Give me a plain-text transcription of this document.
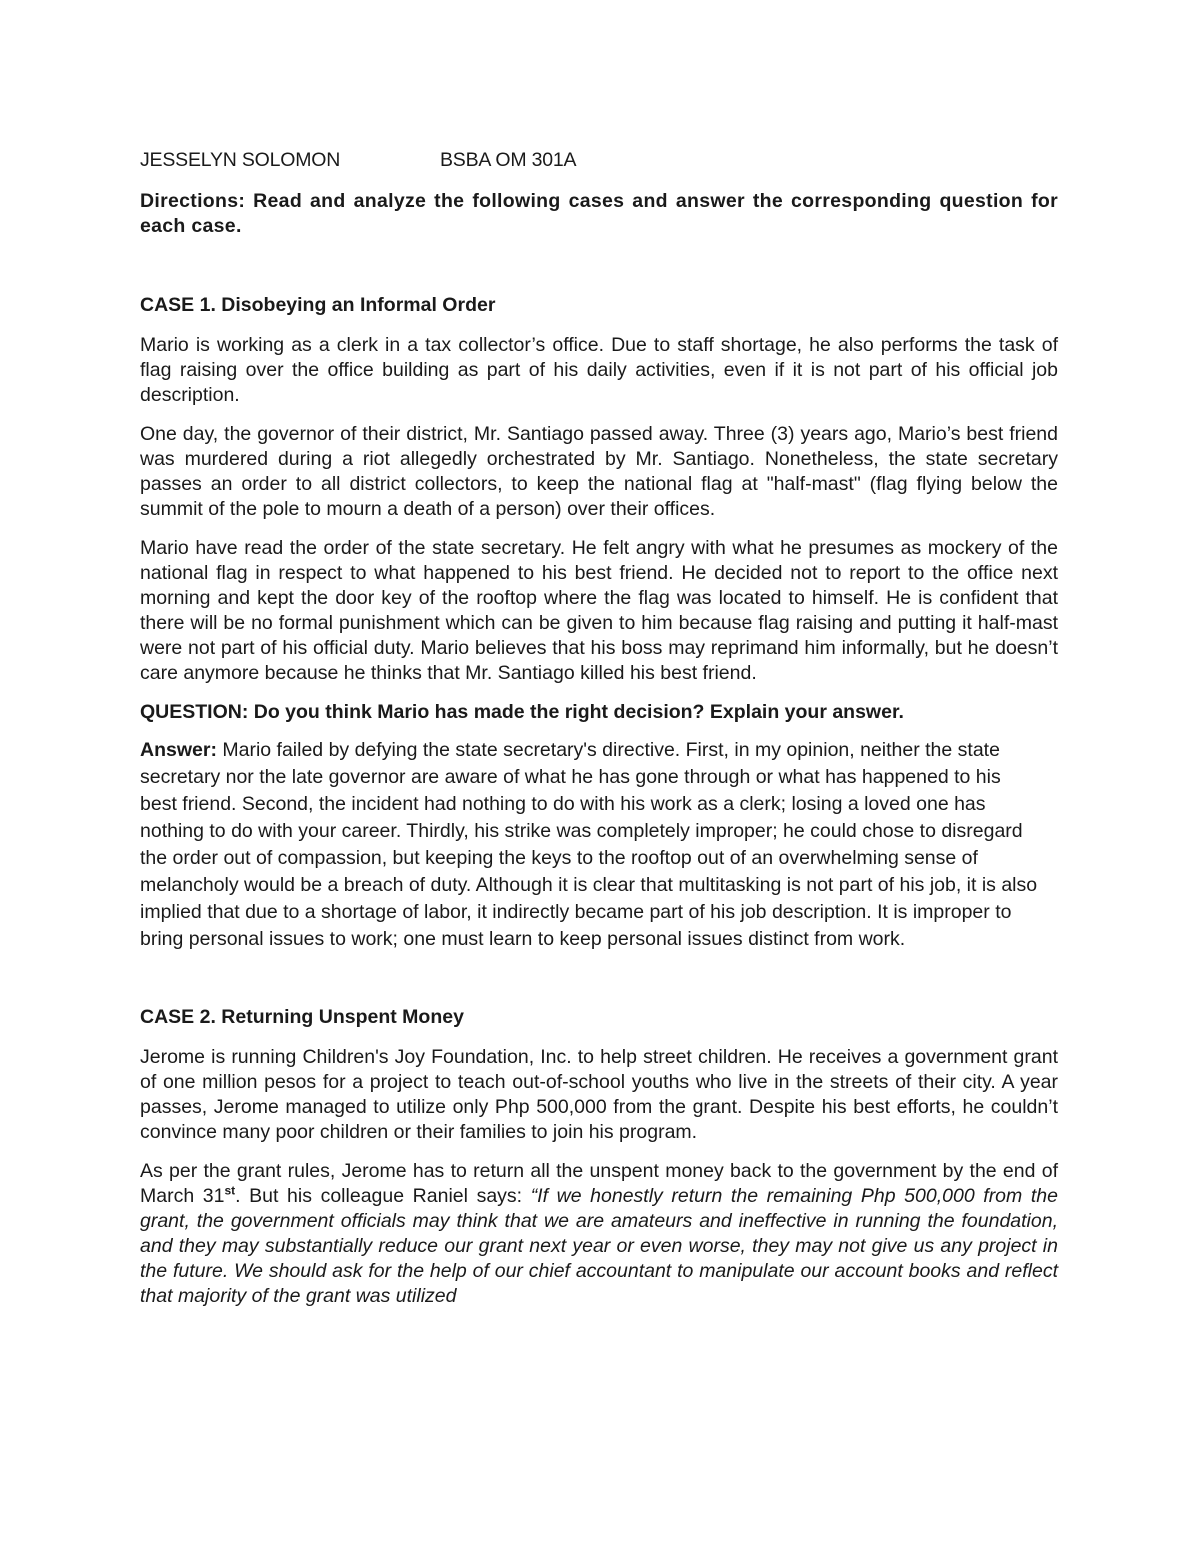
JESSELYN SOLOMON	BSBA OM 301A

Directions: Read and analyze the following cases and answer the corresponding question for each case.

CASE 1. Disobeying an Informal Order

Mario is working as a clerk in a tax collector’s office. Due to staff shortage, he also performs the task of flag raising over the office building as part of his daily activities, even if it is not part of his official job description.

One day, the governor of their district, Mr. Santiago passed away. Three (3) years ago, Mario’s best friend was murdered during a riot allegedly orchestrated by Mr. Santiago. Nonetheless, the state secretary passes an order to all district collectors, to keep the national flag at "half-mast" (flag flying below the summit of the pole to mourn a death of a person) over their offices.

Mario have read the order of the state secretary. He felt angry with what he presumes as mockery of the national flag in respect to what happened to his best friend. He decided not to report to the office next morning and kept the door key of the rooftop where the flag was located to himself. He is confident that there will be no formal punishment which can be given to him because flag raising and putting it half-mast were not part of his official duty. Mario believes that his boss may reprimand him informally, but he doesn’t care anymore because he thinks that Mr. Santiago killed his best friend.

QUESTION: Do you think Mario has made the right decision? Explain your answer.

Answer: Mario failed by defying the state secretary's directive. First, in my opinion, neither the state secretary nor the late governor are aware of what he has gone through or what has happened to his best friend. Second, the incident had nothing to do with his work as a clerk; losing a loved one has nothing to do with your career. Thirdly, his strike was completely improper; he could chose to disregard the order out of compassion, but keeping the keys to the rooftop out of an overwhelming sense of melancholy would be a breach of duty. Although it is clear that multitasking is not part of his job, it is also implied that due to a shortage of labor, it indirectly became part of his job description. It is improper to bring personal issues to work; one must learn to keep personal issues distinct from work.

CASE 2. Returning Unspent Money

Jerome is running Children's Joy Foundation, Inc. to help street children. He receives a government grant of one million pesos for a project to teach out-of-school youths who live in the streets of their city. A year passes, Jerome managed to utilize only Php 500,000 from the grant. Despite his best efforts, he couldn’t convince many poor children or their families to join his program.

As per the grant rules, Jerome has to return all the unspent money back to the government by the end of March 31st. But his colleague Raniel says: “If we honestly return the remaining Php 500,000 from the grant, the government officials may think that we are amateurs and ineffective in running the foundation, and they may substantially reduce our grant next year or even worse, they may not give us any project in the future. We should ask for the help of our chief accountant to manipulate our account books and reflect that majority of the grant was utilized
